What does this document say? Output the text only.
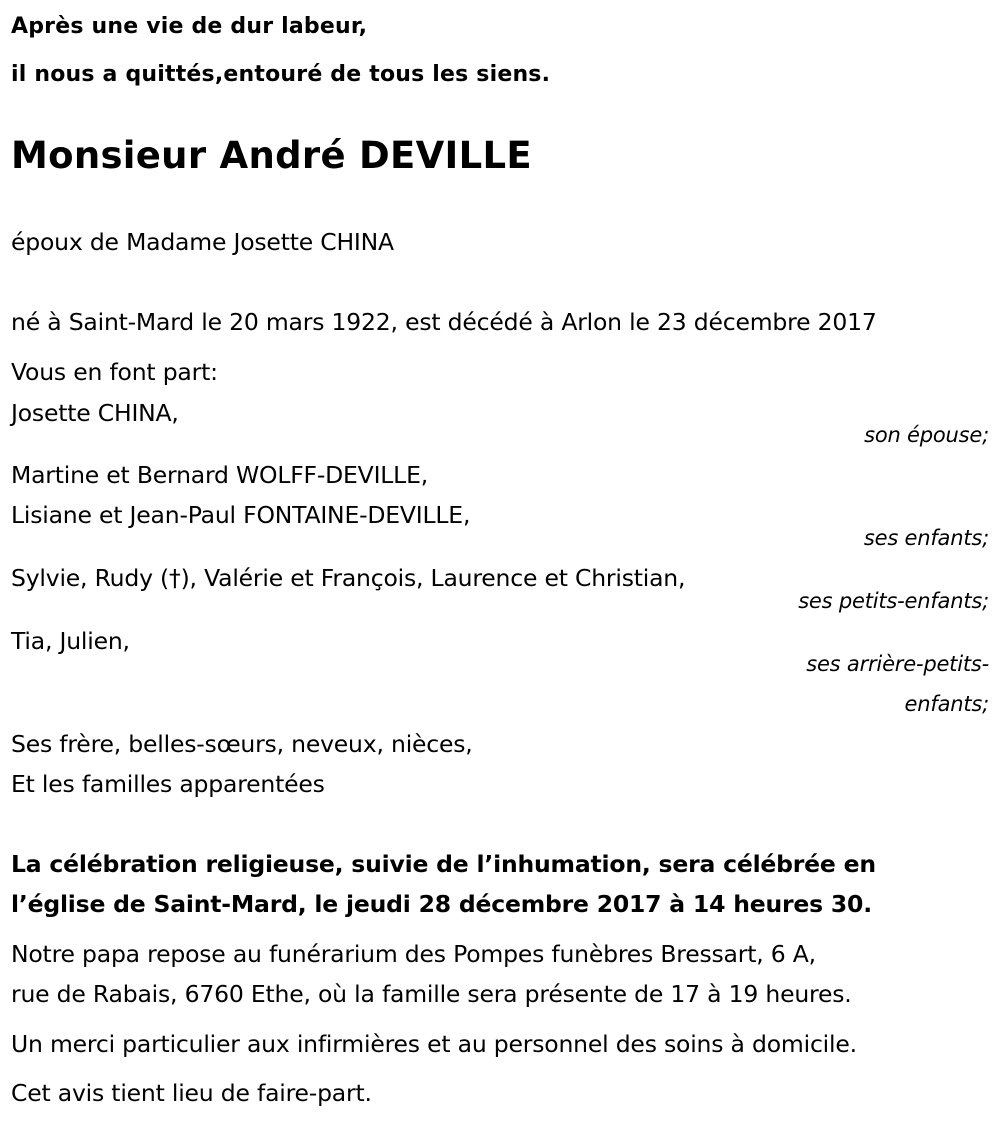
Après une vie de dur labeur,
il nous a quittés,entouré de tous les siens.
Monsieur André DEVILLE
époux de Madame Josette CHINA
né à Saint-Mard le 20 mars 1922, est décédé à Arlon le 23 décembre 2017
Vous en font part:
Josette CHINA,
son épouse;
Martine et Bernard WOLFF-DEVILLE,
Lisiane et Jean-Paul FONTAINE-DEVILLE,
ses enfants;
Sylvie, Rudy (†), Valérie et François, Laurence et Christian,
ses petits-enfants;
Tia, Julien,
ses arrière-petits-
enfants;
Ses frère, belles-sœurs, neveux, nièces,
Et les familles apparentées
La célébration religieuse, suivie de l’inhumation, sera célébrée en
l’église de Saint-Mard, le jeudi 28 décembre 2017 à 14 heures 30.
Notre papa repose au funérarium des Pompes funèbres Bressart, 6 A,
rue de Rabais, 6760 Ethe, où la famille sera présente de 17 à 19 heures.
Un merci particulier aux infirmières et au personnel des soins à domicile.
Cet avis tient lieu de faire-part.
